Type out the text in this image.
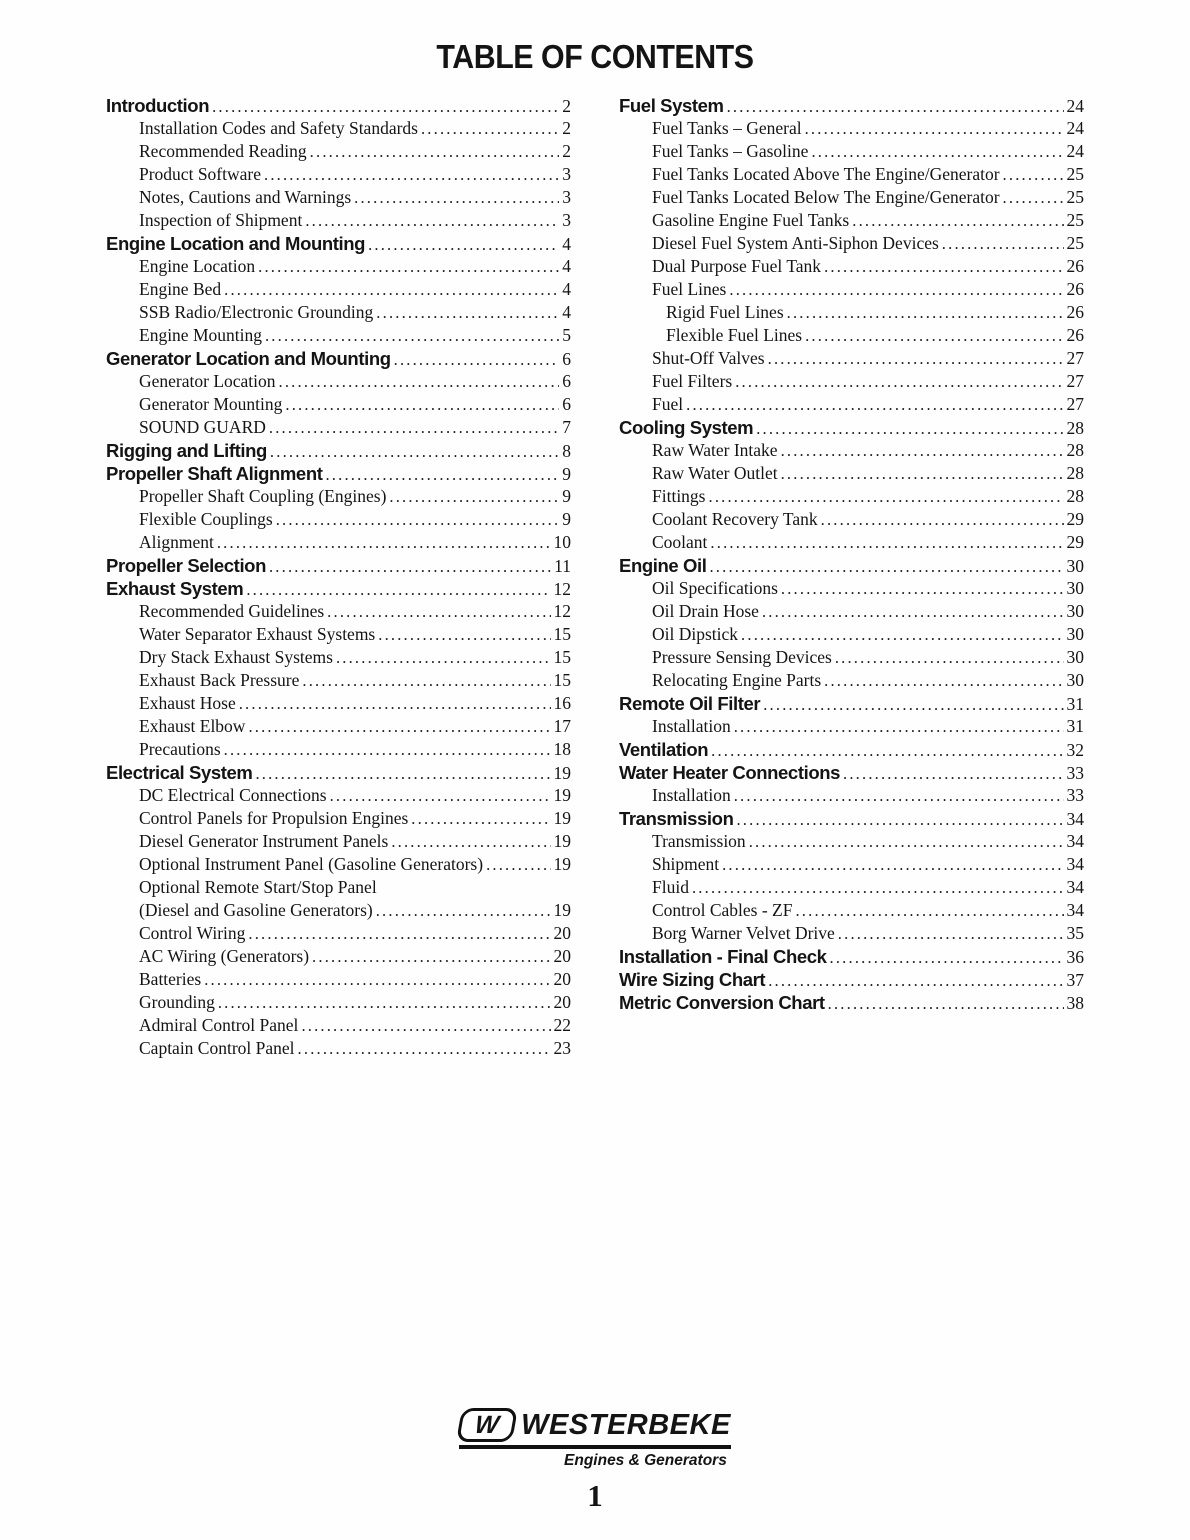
TABLE OF CONTENTS
Introduction .....	2
Installation Codes and Safety Standards .....	2
Recommended Reading .....	2
Product Software .....	3
Notes, Cautions and Warnings .....	3
Inspection of Shipment .....	3
Engine Location and Mounting .....	4
Engine Location .....	4
Engine Bed .....	4
SSB Radio/Electronic Grounding .....	4
Engine Mounting .....	5
Generator Location and Mounting .....	6
Generator Location .....	6
Generator Mounting .....	6
SOUND GUARD .....	7
Rigging and Lifting .....	8
Propeller Shaft Alignment .....	9
Propeller Shaft Coupling (Engines) .....	9
Flexible Couplings .....	9
Alignment .....	10
Propeller Selection .....	11
Exhaust System .....	12
Recommended Guidelines .....	12
Water Separator Exhaust Systems .....	15
Dry Stack Exhaust Systems .....	15
Exhaust Back Pressure .....	15
Exhaust Hose .....	16
Exhaust Elbow .....	17
Precautions .....	18
Electrical System .....	19
DC Electrical Connections .....	19
Control Panels for Propulsion Engines .....	19
Diesel Generator Instrument Panels .....	19
Optional Instrument Panel (Gasoline Generators) .....	19
Optional Remote Start/Stop Panel
(Diesel and Gasoline Generators) .....	19
Control Wiring .....	20
AC Wiring (Generators) .....	20
Batteries .....	20
Grounding .....	20
Admiral Control Panel .....	22
Captain Control Panel .....	23
Fuel System .....	24
Fuel Tanks – General .....	24
Fuel Tanks – Gasoline .....	24
Fuel Tanks Located Above The Engine/Generator .....	25
Fuel Tanks Located Below The Engine/Generator .....	25
Gasoline Engine Fuel Tanks .....	25
Diesel Fuel System Anti-Siphon Devices .....	25
Dual Purpose Fuel Tank .....	26
Fuel Lines .....	26
Rigid Fuel Lines .....	26
Flexible Fuel Lines .....	26
Shut-Off Valves .....	27
Fuel Filters .....	27
Fuel .....	27
Cooling System .....	28
Raw Water Intake .....	28
Raw Water Outlet .....	28
Fittings .....	28
Coolant Recovery Tank .....	29
Coolant .....	29
Engine Oil .....	30
Oil Specifications .....	30
Oil Drain Hose .....	30
Oil Dipstick .....	30
Pressure Sensing Devices .....	30
Relocating Engine Parts .....	30
Remote Oil Filter .....	31
Installation .....	31
Ventilation .....	32
Water Heater Connections .....	33
Installation .....	33
Transmission .....	34
Transmission .....	34
Shipment .....	34
Fluid .....	34
Control Cables - ZF .....	34
Borg Warner Velvet Drive .....	35
Installation - Final Check .....	36
Wire Sizing Chart .....	37
Metric Conversion Chart .....	38
W WESTERBEKE
Engines & Generators
1
